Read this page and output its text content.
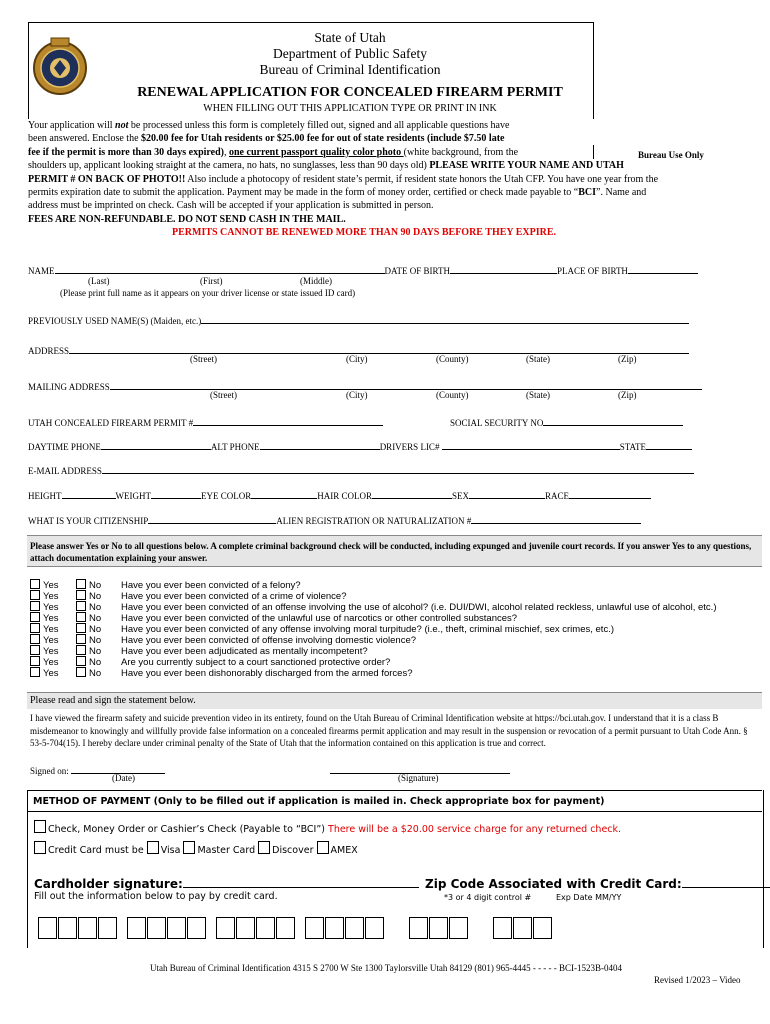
State of Utah
Department of Public Safety
Bureau of Criminal Identification
RENEWAL APPLICATION FOR CONCEALED FIREARM PERMIT
WHEN FILLING OUT THIS APPLICATION TYPE OR PRINT IN INK
Your application will not be processed unless this form is completely filled out, signed and all applicable questions have
been answered. Enclose the $20.00 fee for Utah residents or $25.00 fee for out of state residents (include $7.50 late
fee if the permit is more than 30 days expired), one current passport quality color photo (white background, from the
shoulders up, applicant looking straight at the camera, no hats, no sunglasses, less than 90 days old) PLEASE WRITE YOUR NAME AND UTAH
PERMIT # ON BACK OF PHOTO!! Also include a photocopy of resident state’s permit, if resident state honors the Utah CFP. You have one year from the
permits expiration date to submit the application. Payment may be made in the form of money order, certified or check made payable to “BCI”. Name and
address must be imprinted on check. Cash will be accepted if your application is submitted in person.
FEES ARE NON-REFUNDABLE. DO NOT SEND CASH IN THE MAIL.
PERMITS CANNOT BE RENEWED MORE THAN 90 DAYS BEFORE THEY EXPIRE.
Bureau Use Only
NAME	DATE OF BIRTH	PLACE OF BIRTH
(Last)	(First)	(Middle)
(Please print full name as it appears on your driver license or state issued ID card)
PREVIOUSLY USED NAME(S) (Maiden, etc.)
ADDRESS
(Street)	(City)	(County)	(State)	(Zip)
MAILING ADDRESS
(Street)	(City)	(County)	(State)	(Zip)
UTAH CONCEALED FIREARM PERMIT #	SOCIAL SECURITY NO
DAYTIME PHONE	ALT PHONE	DRIVERS LIC#	STATE
E-MAIL ADDRESS
HEIGHT	WEIGHT	EYE COLOR	HAIR COLOR	SEX	RACE
WHAT IS YOUR CITIZENSHIP	ALIEN REGISTRATION OR NATURALIZATION #
Please answer Yes or No to all questions below. A complete criminal background check will be conducted, including expunged and juvenile court records. If you answer Yes to any questions, attach documentation explaining your answer.
Yes	No Have you ever been convicted of a felony?
Yes	No Have you ever been convicted of a crime of violence?
Yes	No Have you ever been convicted of an offense involving the use of alcohol? (i.e. DUI/DWI, alcohol related reckless, unlawful use of alcohol, etc.)
Yes	No Have you ever been convicted of the unlawful use of narcotics or other controlled substances?
Yes	No Have you ever been convicted of any offense involving moral turpitude? (i.e., theft, criminal mischief, sex crimes, etc.)
Yes	No Have you ever been convicted of offense involving domestic violence?
Yes	No Have you ever been adjudicated as mentally incompetent?
Yes	No Are you currently subject to a court sanctioned protective order?
Yes	No Have you ever been dishonorably discharged from the armed forces?
Please read and sign the statement below.
I have viewed the firearm safety and suicide prevention video in its entirety, found on the Utah Bureau of Criminal Identification website at https://bci.utah.gov. I understand that it is a class B misdemeanor to knowingly and willfully provide false information on a concealed firearms permit application and may result in the suspension or revocation of a permit pursuant to Utah Code Ann. § 53-5-704(15). I hereby declare under criminal penalty of the State of Utah that the information contained on this application is true and correct.
Signed on:
(Date)	(Signature)
METHOD OF PAYMENT (Only to be filled out if application is mailed in. Check appropriate box for payment)
Check, Money Order or Cashier’s Check (Payable to “BCI”) There will be a $20.00 service charge for any returned check.
Credit Card must be Visa Master Card Discover AMEX
Cardholder signature:	Zip Code Associated with Credit Card:
Fill out the information below to pay by credit card.	*3 or 4 digit control #	Exp Date MM/YY
Utah Bureau of Criminal Identification 4315 S 2700 W Ste 1300 Taylorsville Utah 84129 (801) 965-4445 - - - - - BCI-1523B-0404
Revised 1/2023 – Video
